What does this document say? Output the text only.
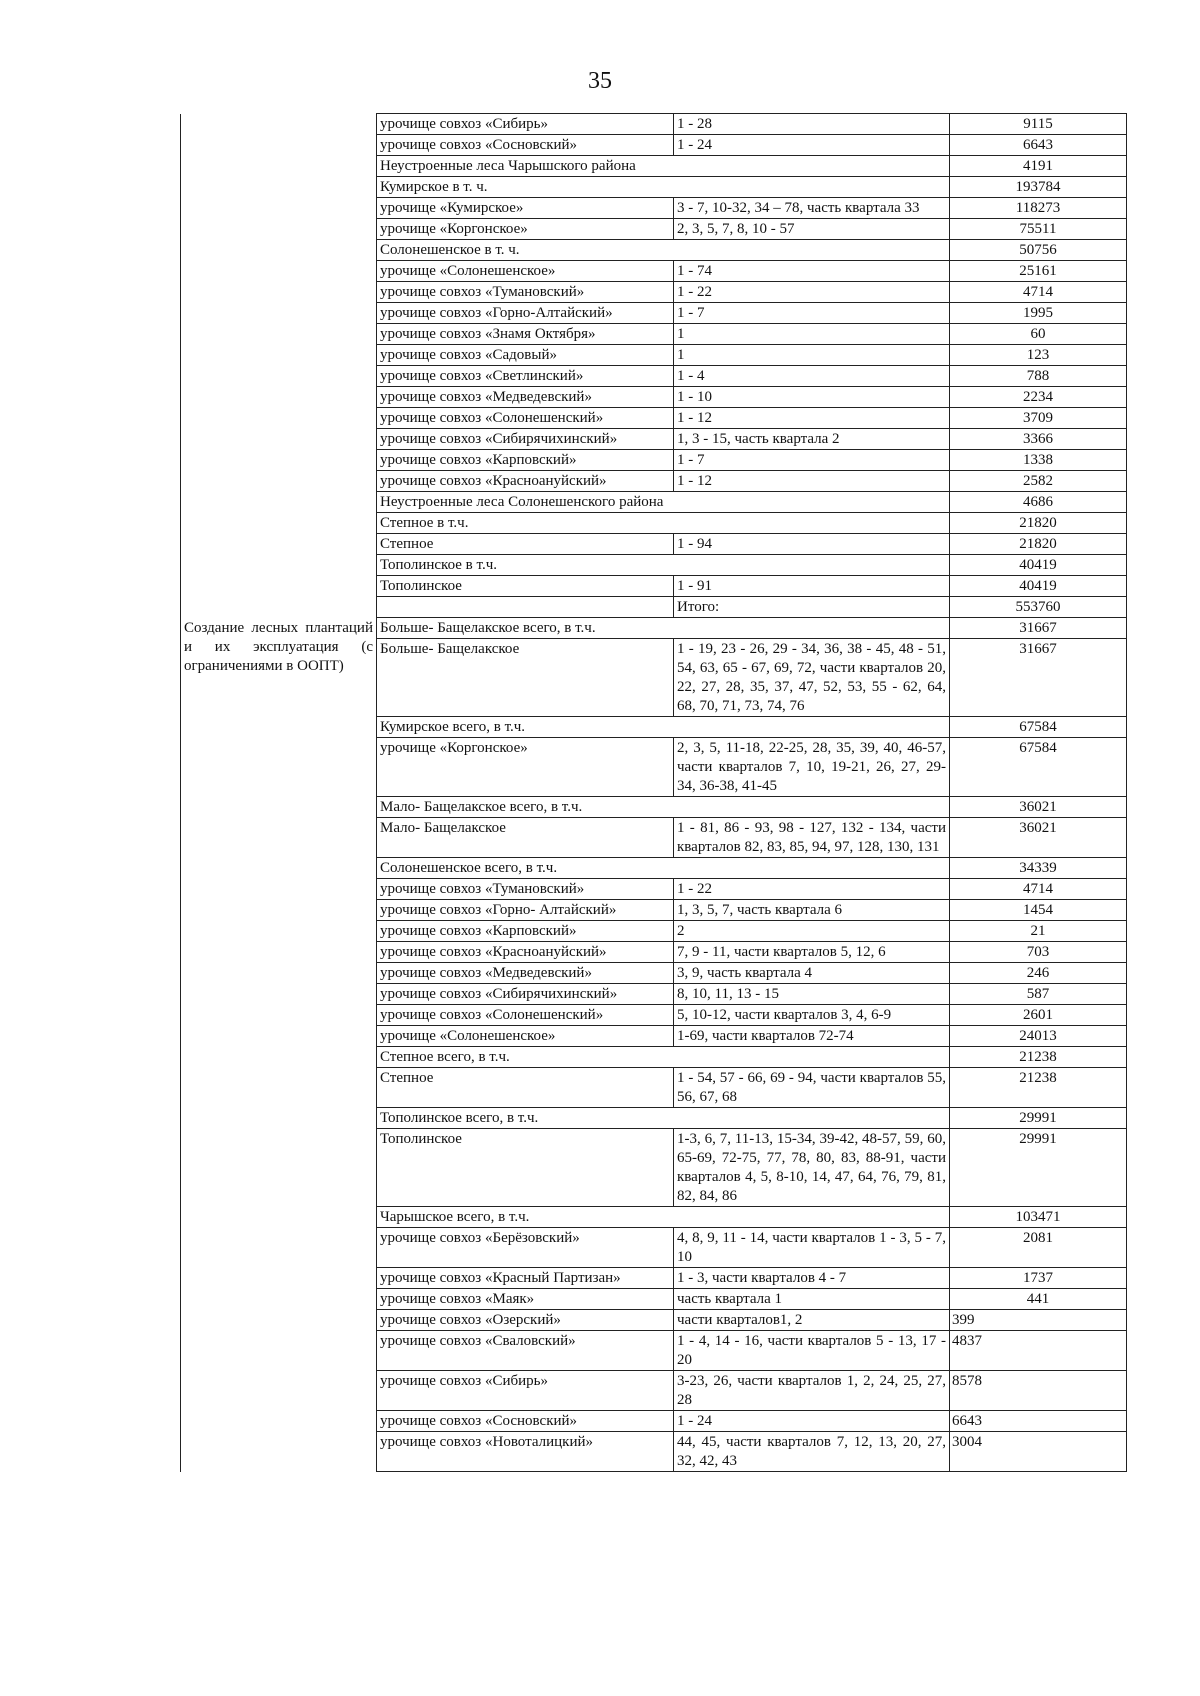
35
	урочище совхоз «Сибирь»	1 - 28	9115
	урочище совхоз «Сосновский»	1 - 24	6643
	Неустроенные леса Чарышского района		4191
	Кумирское в т. ч.		193784
	урочище «Кумирское»	3 - 7, 10-32, 34 – 78, часть квартала 33	118273
	урочище «Коргонское»	2, 3, 5, 7, 8, 10 - 57	75511
	Солонешенское в т. ч.		50756
	урочище «Солонешенское»	1 - 74	25161
	урочище совхоз «Тумановский»	1 - 22	4714
	урочище совхоз «Горно-Алтайский»	1 - 7	1995
	урочище совхоз «Знамя Октября»	1	60
	урочище совхоз «Садовый»	1	123
	урочище совхоз «Светлинский»	1 - 4	788
	урочище совхоз «Медведевский»	1 - 10	2234
	урочище совхоз «Солонешенский»	1 - 12	3709
	урочище совхоз «Сибирячихинский»	1, 3 - 15, часть квартала 2	3366
	урочище совхоз «Карповский»	1 - 7	1338
	урочище совхоз «Красноануйский»	1 - 12	2582
	Неустроенные леса Солонешенского района		4686
	Степное в т.ч.		21820
	Степное	1 - 94	21820
	Тополинское в т.ч.		40419
	Тополинское	1 - 91	40419
		Итого:	553760

Создание лесных плантаций и их эксплуатация (с ограничениями в ООПТ)	Больше- Бащелакское всего, в т.ч.		31667
	Больше- Бащелакское	1 - 19, 23 - 26, 29 - 34, 36, 38 - 45, 48 - 51, 54, 63, 65 - 67, 69, 72, части кварталов 20, 22, 27, 28, 35, 37, 47, 52, 53, 55 - 62, 64, 68, 70, 71, 73, 74, 76	31667
	Кумирское всего, в т.ч.		67584
	урочище «Коргонское»	2, 3, 5, 11-18, 22-25, 28, 35, 39, 40, 46-57, части кварталов 7, 10, 19-21, 26, 27, 29-34, 36-38, 41-45	67584
	Мало- Бащелакское всего, в т.ч.		36021
	Мало- Бащелакское	1 - 81, 86 - 93, 98 - 127, 132 - 134, части кварталов 82, 83, 85, 94, 97, 128, 130, 131	36021
	Солонешенское всего, в т.ч.		34339
	урочище совхоз «Тумановский»	1 - 22	4714
	урочище совхоз «Горно- Алтайский»	1, 3, 5, 7, часть квартала 6	1454
	урочище совхоз «Карповский»	2	21
	урочище совхоз «Красноануйский»	7, 9 - 11, части кварталов 5, 12, 6	703
	урочище совхоз «Медведевский»	3, 9, часть квартала 4	246
	урочище совхоз «Сибирячихинский»	8, 10, 11, 13 - 15	587
	урочище совхоз «Солонешенский»	5, 10-12, части кварталов 3, 4, 6-9	2601
	урочище «Солонешенское»	1-69, части кварталов 72-74	24013
	Степное всего, в т.ч.		21238
	Степное	1 - 54, 57 - 66, 69 - 94, части кварталов 55, 56, 67, 68	21238
	Тополинское всего, в т.ч.		29991
	Тополинское	1-3, 6, 7, 11-13, 15-34, 39-42, 48-57, 59, 60, 65-69, 72-75, 77, 78, 80, 83, 88-91, части кварталов 4, 5, 8-10, 14, 47, 64, 76, 79, 81, 82, 84, 86	29991
	Чарышское всего, в т.ч.		103471
	урочище совхоз «Берёзовский»	4, 8, 9, 11 - 14, части кварталов 1 - 3, 5 - 7, 10	2081
	урочище совхоз «Красный Партизан»	1 - 3, части кварталов 4 - 7	1737
	урочище совхоз «Маяк»	часть квартала 1	441
	урочище совхоз «Озерский»	части кварталов1, 2	399
	урочище совхоз «Сваловский»	1 - 4, 14 - 16, части кварталов 5 - 13, 17 - 20	4837
	урочище совхоз «Сибирь»	3-23, 26, части кварталов 1, 2, 24, 25, 27, 28	8578
	урочище совхоз «Сосновский»	1 - 24	6643
	урочище совхоз «Новоталицкий»	44, 45, части кварталов 7, 12, 13, 20, 27, 32, 42, 43	3004
